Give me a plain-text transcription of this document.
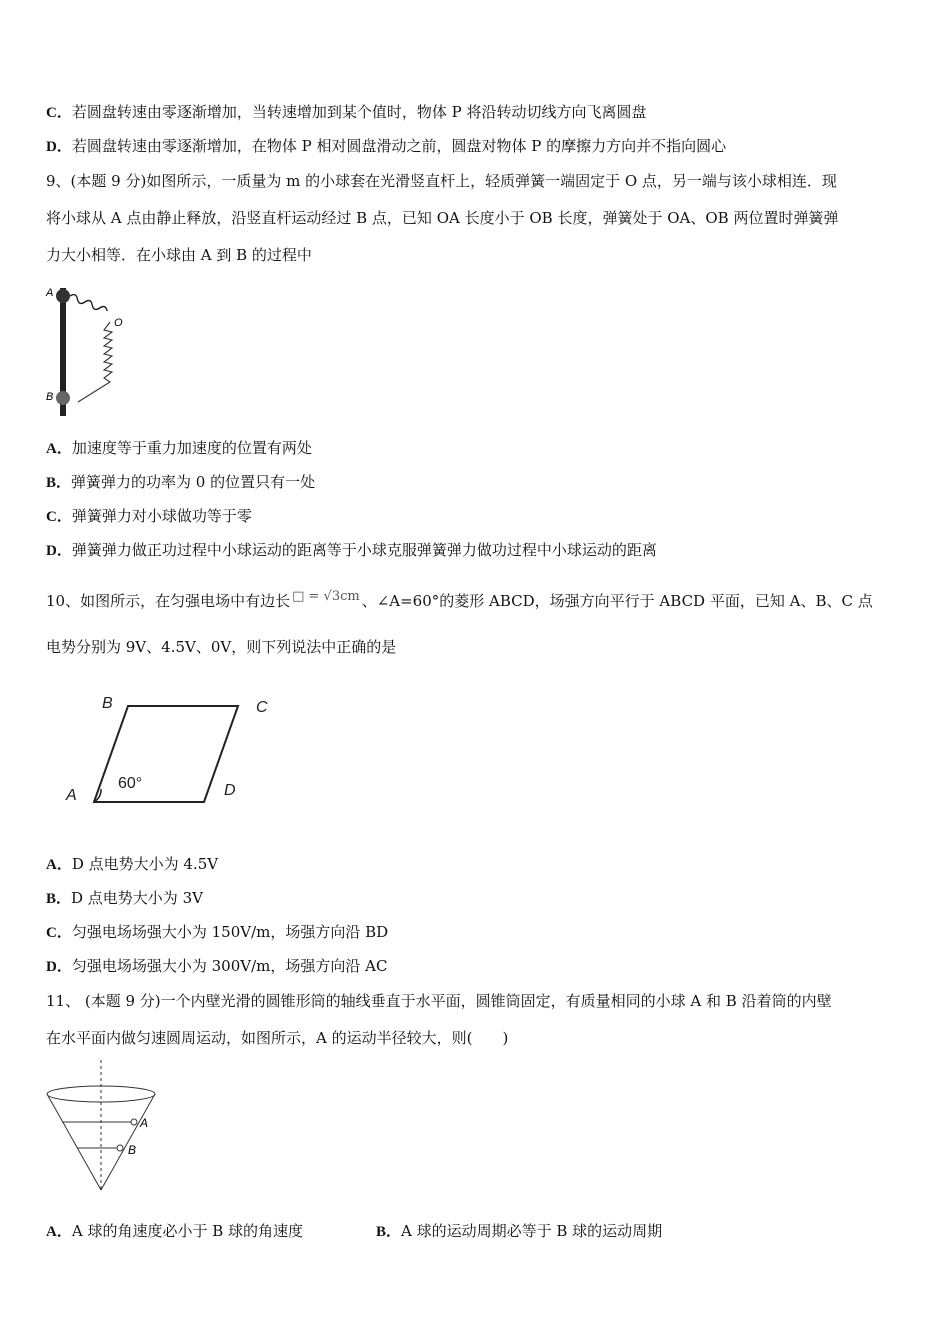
C．若圆盘转速由零逐渐增加，当转速增加到某个值时，物体 P 将沿转动切线方向飞离圆盘
D．若圆盘转速由零逐渐增加，在物体 P 相对圆盘滑动之前，圆盘对物体 P 的摩擦力方向并不指向圆心
9、(本题 9 分)如图所示，一质量为 m 的小球套在光滑竖直杆上，轻质弹簧一端固定于 O 点，另一端与该小球相连．现
将小球从 A 点由静止释放，沿竖直杆运动经过 B 点，已知 OA 长度小于 OB 长度，弹簧处于 OA、OB 两位置时弹簧弹
力大小相等．在小球由 A 到 B 的过程中
A
B
O
A．加速度等于重力加速度的位置有两处
B．弹簧弹力的功率为 0 的位置只有一处
C．弹簧弹力对小球做功等于零
D．弹簧弹力做正功过程中小球运动的距离等于小球克服弹簧弹力做功过程中小球运动的距离
10、如图所示，在匀强电场中有边长 □ = √3cm 、∠A=60°的菱形 ABCD，场强方向平行于 ABCD 平面，已知 A、B、C 点
电势分别为 9V、4.5V、0V，则下列说法中正确的是
B	C
A	D
60°
A．D 点电势大小为 4.5V
B．D 点电势大小为 3V
C．匀强电场场强大小为 150V/m，场强方向沿 BD
D．匀强电场场强大小为 300V/m，场强方向沿 AC
11、 (本题 9 分)一个内壁光滑的圆锥形筒的轴线垂直于水平面，圆锥筒固定，有质量相同的小球 A 和 B 沿着筒的内壁
在水平面内做匀速圆周运动，如图所示，A 的运动半径较大，则(　　)
A
B
A．A 球的角速度必小于 B 球的角速度	B．A 球的运动周期必等于 B 球的运动周期
